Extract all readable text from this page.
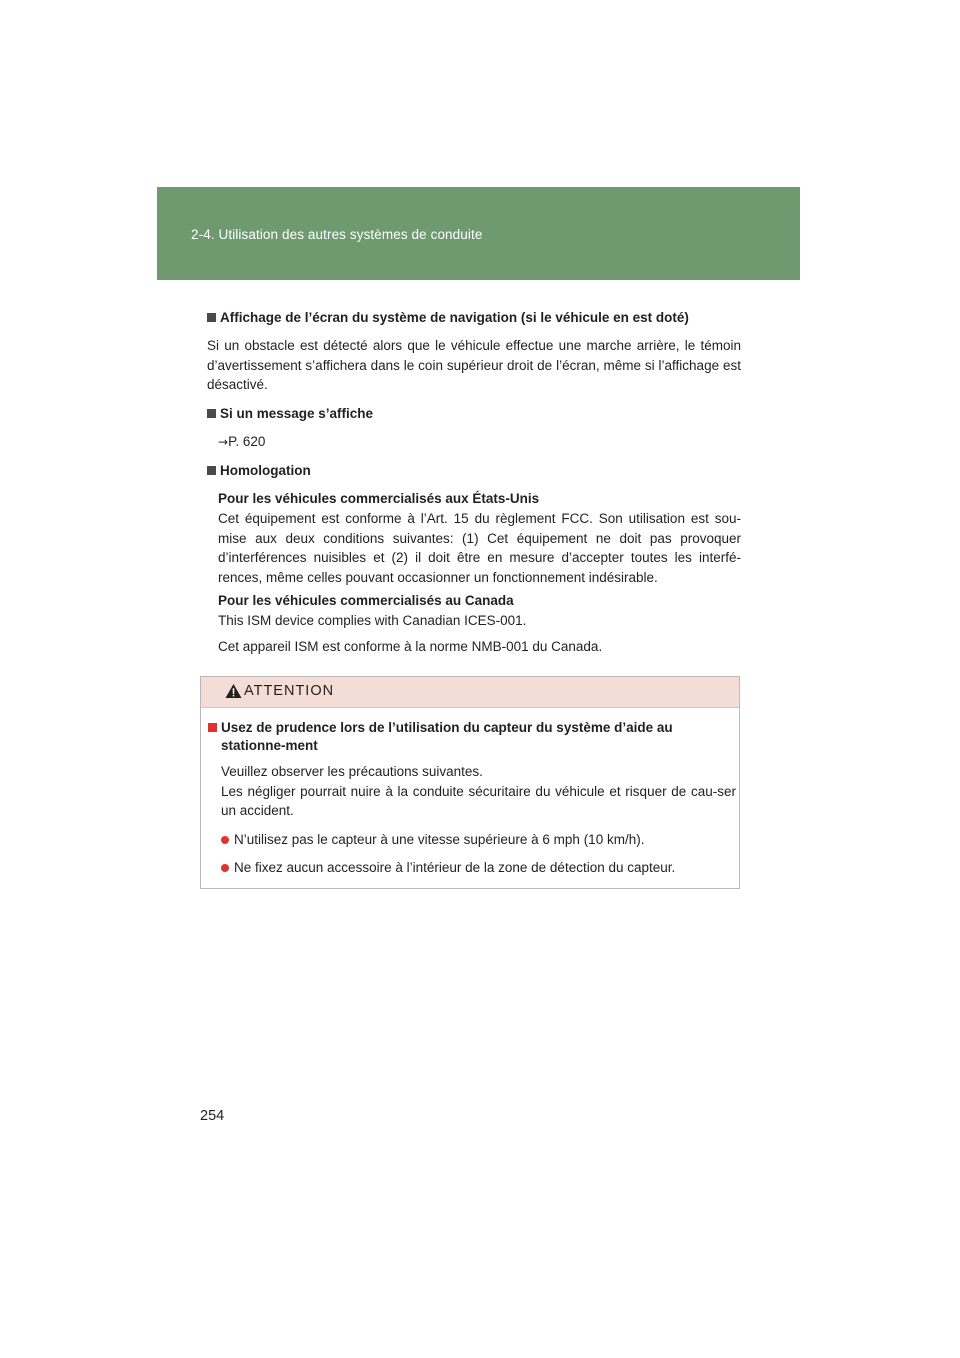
2-4. Utilisation des autres systèmes de conduite
Affichage de l’écran du système de navigation (si le véhicule en est doté)

Si un obstacle est détecté alors que le véhicule effectue une marche arrière, le témoin d’avertissement s’affichera dans le coin supérieur droit de l’écran, même si l’affichage est désactivé.

Si un message s’affiche

→P. 620

Homologation
Pour les véhicules commercialisés aux États-Unis

Cet équipement est conforme à l’Art. 15 du règlement FCC. Son utilisation est sou-mise aux deux conditions suivantes: (1) Cet équipement ne doit pas provoquer d’interférences nuisibles et (2) il doit être en mesure d’accepter toutes les interfé-rences, même celles pouvant occasionner un fonctionnement indésirable.

Pour les véhicules commercialisés au Canada

This ISM device complies with Canadian ICES-001.

Cet appareil ISM est conforme à la norme NMB-001 du Canada.

ATTENTION
Usez de prudence lors de l’utilisation du capteur du système d’aide au stationne-ment

Veuillez observer les précautions suivantes.

Les négliger pourrait nuire à la conduite sécuritaire du véhicule et risquer de cau-ser un accident.

N’utilisez pas le capteur à une vitesse supérieure à 6 mph (10 km/h).

Ne fixez aucun accessoire à l’intérieur de la zone de détection du capteur.

254
